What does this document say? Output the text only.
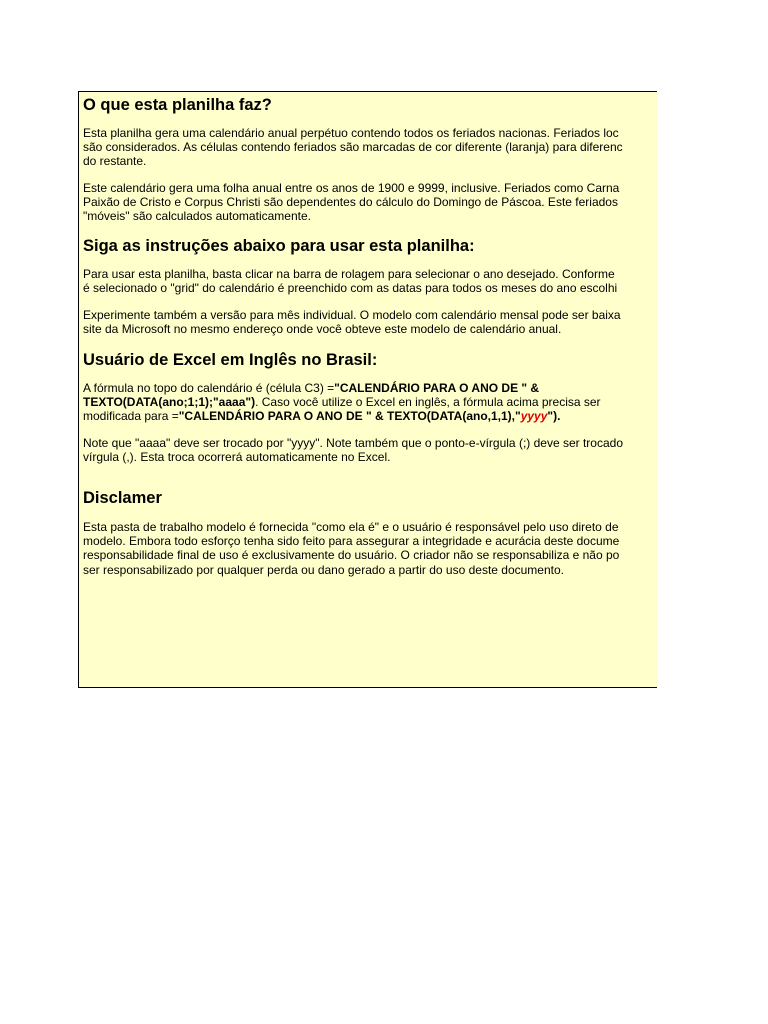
O que esta planilha faz?
Esta planilha gera uma calendário anual perpétuo contendo todos os feriados nacionas. Feriados loc
são considerados. As células contendo feriados são marcadas de cor diferente (laranja) para diferenc
do restante.
Este calendário gera uma folha anual entre os anos de 1900 e 9999, inclusive. Feriados como Carna
Paixão de Cristo e Corpus Christi são dependentes do cálculo do Domingo de Páscoa. Este feriados
"móveis" são calculados automaticamente.
Siga as instruções abaixo para usar esta planilha:
Para usar esta planilha, basta clicar na barra de rolagem para selecionar o ano desejado. Conforme
é selecionado o "grid" do calendário é preenchido com as datas para todos os meses do ano escolhi
Experimente também a versão para mês individual. O modelo com calendário mensal pode ser baixa
site da Microsoft no mesmo endereço onde você obteve este modelo de calendário anual.
Usuário de Excel em Inglês no Brasil:
A fórmula no topo do calendário é (célula C3) ="CALENDÁRIO PARA O ANO DE " &
TEXTO(DATA(ano;1;1);"aaaa"). Caso você utilize o Excel en inglês, a fórmula acima precisa ser
modificada para ="CALENDÁRIO PARA O ANO DE " & TEXTO(DATA(ano,1,1),"yyyy").
Note que "aaaa" deve ser trocado por "yyyy". Note também que o ponto-e-vírgula (;) deve ser trocado
vírgula (,). Esta troca ocorrerá automaticamente no Excel.
Disclamer
Esta pasta de trabalho modelo é fornecida "como ela é" e o usuário é responsável pelo uso direto de
modelo. Embora todo esforço tenha sido feito para assegurar a integridade e acurácia deste docume
responsabilidade final de uso é exclusivamente do usuário. O criador não se responsabiliza e não po
ser responsabilizado por qualquer perda ou dano gerado a partir do uso deste documento.
